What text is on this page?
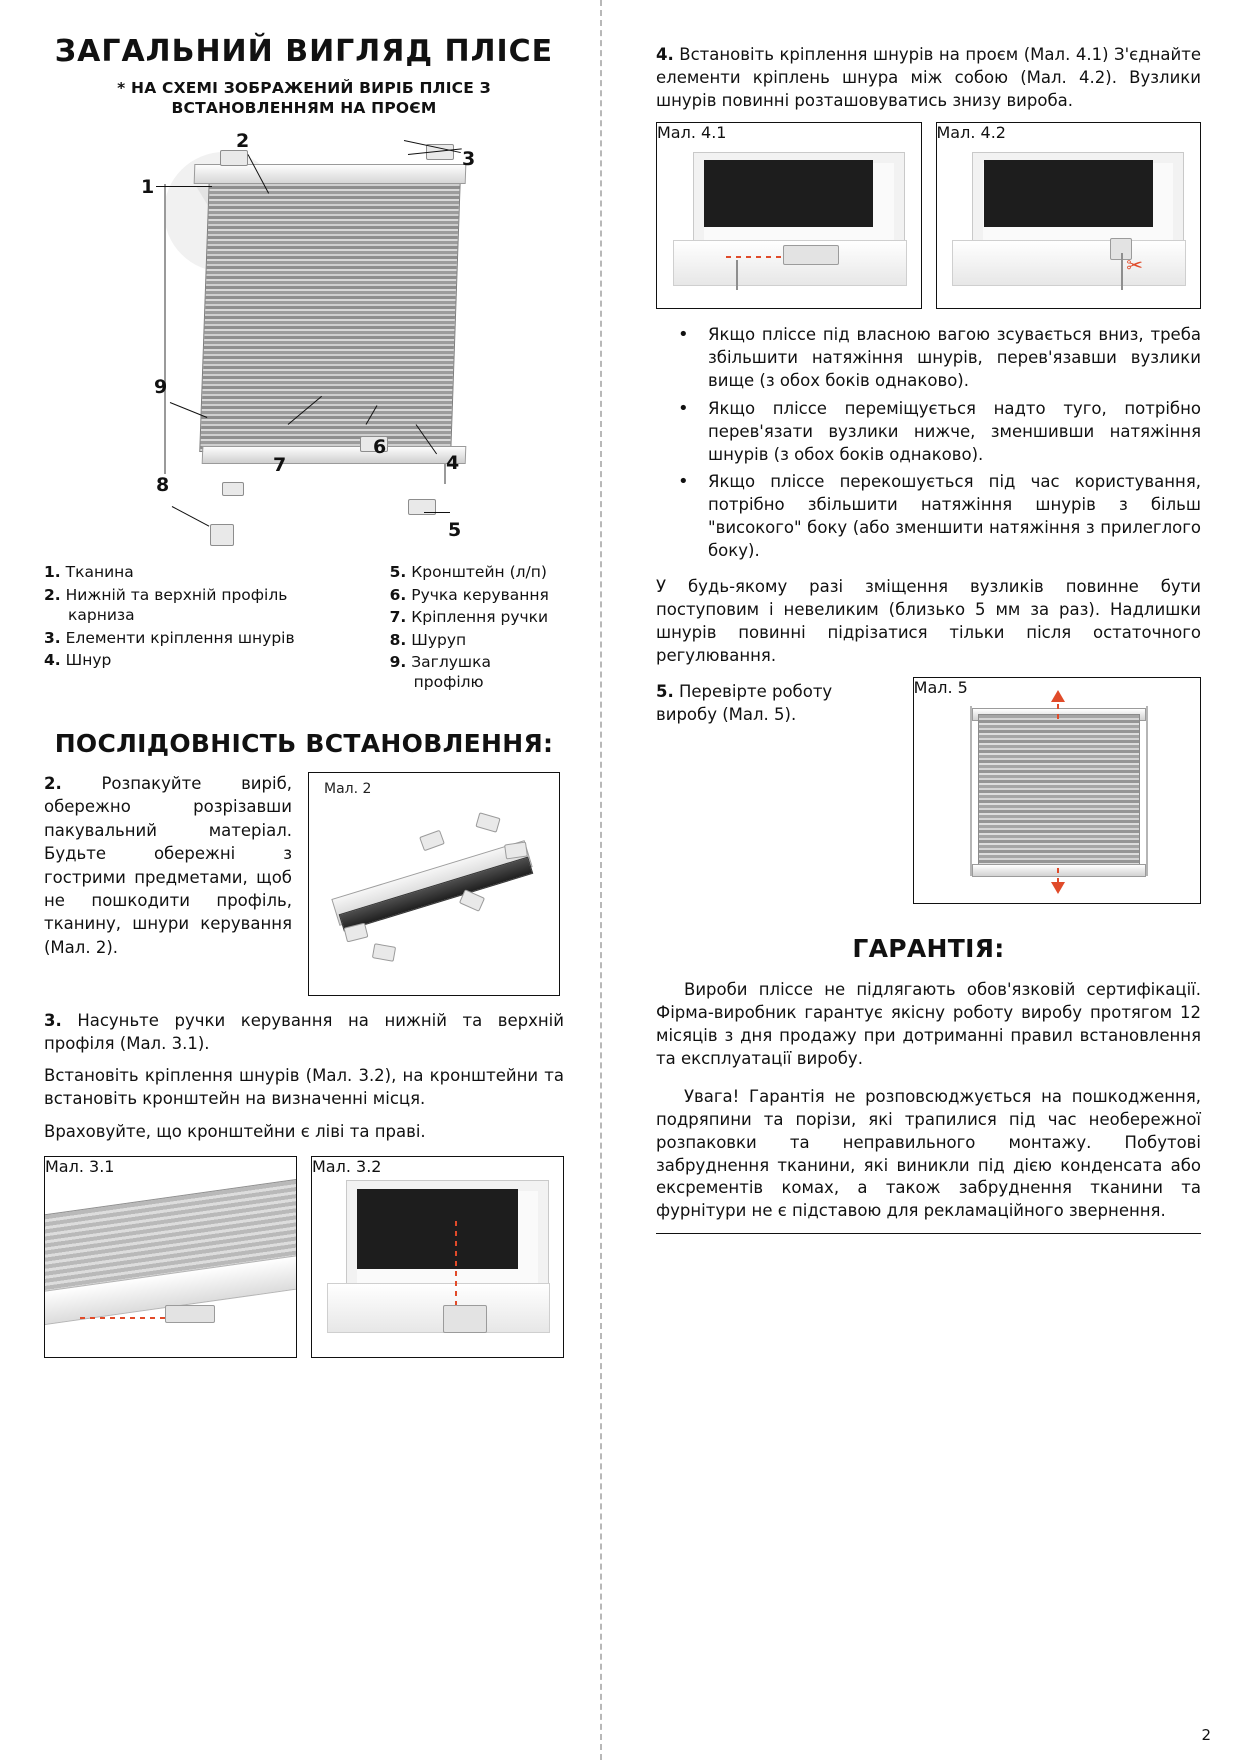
ЗАГАЛЬНИЙ ВИГЛЯД ПЛІСЕ
* НА СХЕМІ ЗОБРАЖЕНИЙ ВИРІБ ПЛІСЕ З ВСТАНОВЛЕННЯМ НА ПРОЄМ
1
2
3
4
5
6
7
8
9
1. Тканина
2. Нижній та верхній профіль карниза
3. Елементи кріплення шнурів
4. Шнур
5. Кронштейн (л/п)
6. Ручка керування
7. Кріплення ручки
8. Шуруп
9. Заглушка профілю
ПОСЛІДОВНІСТЬ ВСТАНОВЛЕННЯ:
2. Розпакуйте виріб, обережно розрізавши пакувальний матеріал. Будьте обережні з гострими предметами, щоб не пошкодити профіль, тканину, шнури керування (Мал. 2).
Мал. 2

3. Насуньте ручки керування на нижній та верхній профіля (Мал. 3.1).

Встановіть кріплення шнурів (Мал. 3.2), на кронштейни та встановіть кронштейн на визначенні місця.

Враховуйте, що кронштейни є ліві та праві.

Мал. 3.1	Мал. 3.2

4. Встановіть кріплення шнурів на проєм (Мал. 4.1) З'єднайте елементи кріплень шнура між собою (Мал. 4.2). Вузлики шнурів повинні розташовуватись знизу виробa.

Мал. 4.1	Мал. 4.2
✂
• Якщо пліссе під власною вагою зсувається вниз, треба збільшити натяжіння шнурів, перев'язавши вузлики вище (з обох боків однаково).
• Якщо пліссе переміщується надто туго, потрібно перев'язати вузлики нижче, зменшивши натяжіння шнурів (з обох боків однаково).
• Якщо пліссе перекошується під час користування, потрібно збільшити натяжіння шнурів з більш "високого" боку (або зменшити натяжіння з прилеглого боку).

У будь-якому разі зміщення вузликів повинне бути поступовим і невеликим (близько 5 мм за раз). Надлишки шнурів повинні підрізатися тільки після остаточного регулювання.

5. Перевірте роботу виробу (Мал. 5).
Мал. 5
ГАРАНТІЯ:

Вироби пліссе не підлягають обов'язковій сертифікації. Фірма-виробник гарантує якісну роботу виробу протягом 12 місяців з дня продажу при дотриманні правил встановлення та експлуатації виробу.

Увага! Гарантія не розповсюджується на пошкодження, подряпини та порізи, які трапилися під час необережної розпаковки та неправильного монтажу. Побутові забруднення тканини, які виникли під дією конденсата або ексрементів комах, а також забруднення тканини та фурнітури не є підставою для рекламаційного звернення.

2
